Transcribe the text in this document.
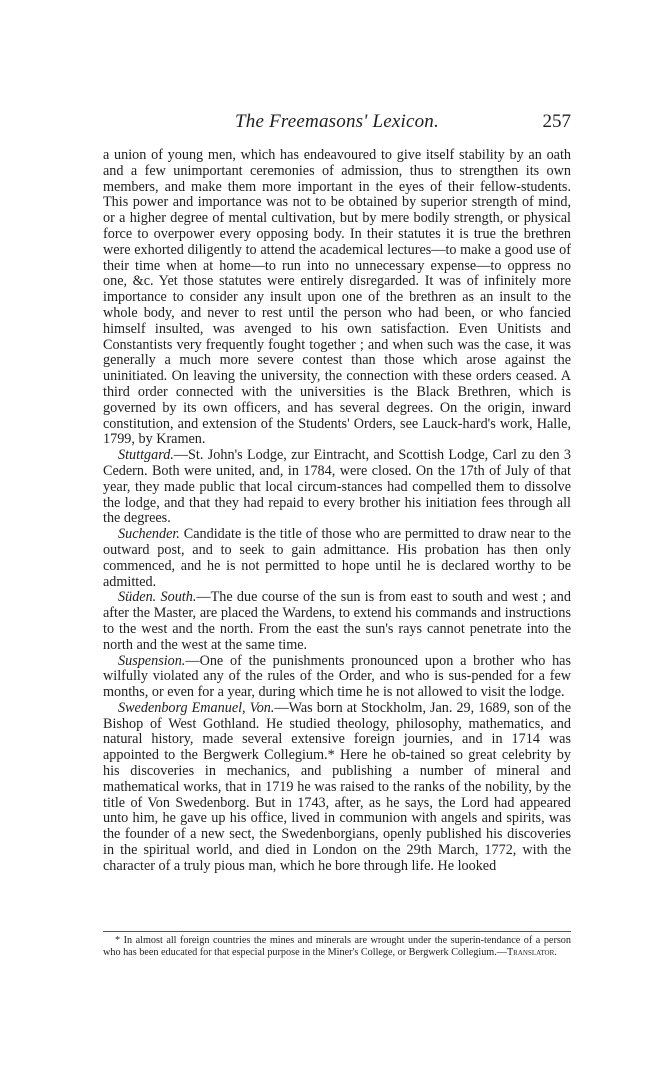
The Freemasons' Lexicon.	257

a union of young men, which has endeavoured to give itself stability by an oath and a few unimportant ceremonies of admission, thus to strengthen its own members, and make them more important in the eyes of their fellow-students. This power and importance was not to be obtained by superior strength of mind, or a higher degree of mental cultivation, but by mere bodily strength, or physical force to overpower every opposing body. In their statutes it is true the brethren were exhorted diligently to attend the academical lectures—to make a good use of their time when at home—to run into no unnecessary expense—to oppress no one, &c. Yet those statutes were entirely disregarded. It was of infinitely more importance to consider any insult upon one of the brethren as an insult to the whole body, and never to rest until the person who had been, or who fancied himself insulted, was avenged to his own satisfaction. Even Unitists and Constantists very frequently fought together ; and when such was the case, it was generally a much more severe contest than those which arose against the uninitiated. On leaving the university, the connection with these orders ceased. A third order connected with the universities is the Black Brethren, which is governed by its own officers, and has several degrees. On the origin, inward constitution, and extension of the Students' Orders, see Lauck-hard's work, Halle, 1799, by Kramen.

Stuttgard.—St. John's Lodge, zur Eintracht, and Scottish Lodge, Carl zu den 3 Cedern. Both were united, and, in 1784, were closed. On the 17th of July of that year, they made public that local circum-stances had compelled them to dissolve the lodge, and that they had repaid to every brother his initiation fees through all the degrees.

Suchender. Candidate is the title of those who are permitted to draw near to the outward post, and to seek to gain admittance. His probation has then only commenced, and he is not permitted to hope until he is declared worthy to be admitted.

Süden. South.—The due course of the sun is from east to south and west ; and after the Master, are placed the Wardens, to extend his commands and instructions to the west and the north. From the east the sun's rays cannot penetrate into the north and the west at the same time.

Suspension.—One of the punishments pronounced upon a brother who has wilfully violated any of the rules of the Order, and who is sus-pended for a few months, or even for a year, during which time he is not allowed to visit the lodge.

Swedenborg Emanuel, Von.—Was born at Stockholm, Jan. 29, 1689, son of the Bishop of West Gothland. He studied theology, philosophy, mathematics, and natural history, made several extensive foreign journies, and in 1714 was appointed to the Bergwerk Collegium.* Here he ob-tained so great celebrity by his discoveries in mechanics, and publishing a number of mineral and mathematical works, that in 1719 he was raised to the ranks of the nobility, by the title of Von Swedenborg. But in 1743, after, as he says, the Lord had appeared unto him, he gave up his office, lived in communion with angels and spirits, was the founder of a new sect, the Swedenborgians, openly published his discoveries in the spiritual world, and died in London on the 29th March, 1772, with the character of a truly pious man, which he bore through life. He looked

* In almost all foreign countries the mines and minerals are wrought under the superin-tendance of a person who has been educated for that especial purpose in the Miner's College, or Bergwerk Collegium.—Translator.
